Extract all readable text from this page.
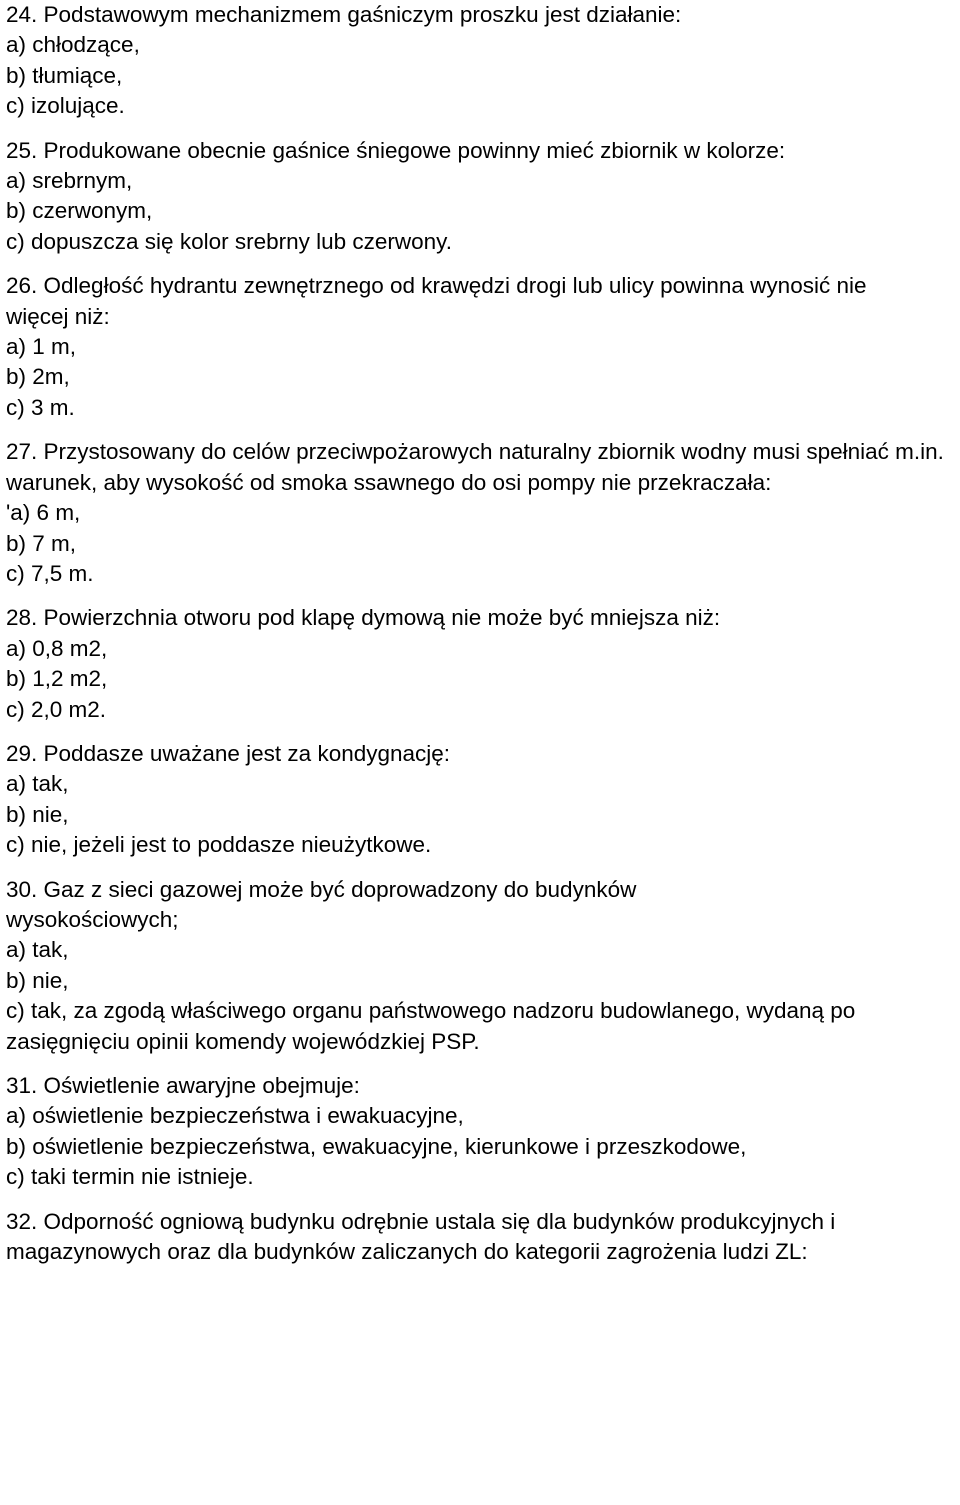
24. Podstawowym mechanizmem gaśniczym proszku jest działanie:
a) chłodzące,
b) tłumiące,
c) izolujące.
25. Produkowane obecnie gaśnice śniegowe powinny mieć zbiornik w kolorze:
a) srebrnym,
b) czerwonym,
c) dopuszcza się kolor srebrny lub czerwony.
26. Odległość hydrantu zewnętrznego od krawędzi drogi lub ulicy powinna wynosić nie więcej niż:
a) 1 m,
b) 2m,
c) 3 m.
27. Przystosowany do celów przeciwpożarowych naturalny zbiornik wodny musi spełniać m.in. warunek, aby wysokość od smoka ssawnego do osi pompy nie przekraczała:
'a) 6 m,
b) 7 m,
c) 7,5 m.
28. Powierzchnia otworu pod klapę dymową nie może być mniejsza niż:
a) 0,8 m2,
b) 1,2 m2,
c) 2,0 m2.
29. Poddasze uważane jest za kondygnację:
a) tak,
b) nie,
c) nie, jeżeli jest to poddasze nieużytkowe.
30. Gaz z sieci gazowej może być doprowadzony do budynków wysokościowych;
a) tak,
b) nie,
c) tak, za zgodą właściwego organu państwowego nadzoru budowlanego, wydaną po zasięgnięciu opinii komendy wojewódzkiej PSP.
31. Oświetlenie awaryjne obejmuje:
a) oświetlenie bezpieczeństwa i ewakuacyjne,
b) oświetlenie bezpieczeństwa, ewakuacyjne, kierunkowe i przeszkodowe,
c) taki termin nie istnieje.
32. Odporność ogniową budynku odrębnie ustala się dla budynków produkcyjnych i magazynowych oraz dla budynków zaliczanych do kategorii zagrożenia ludzi ZL:
